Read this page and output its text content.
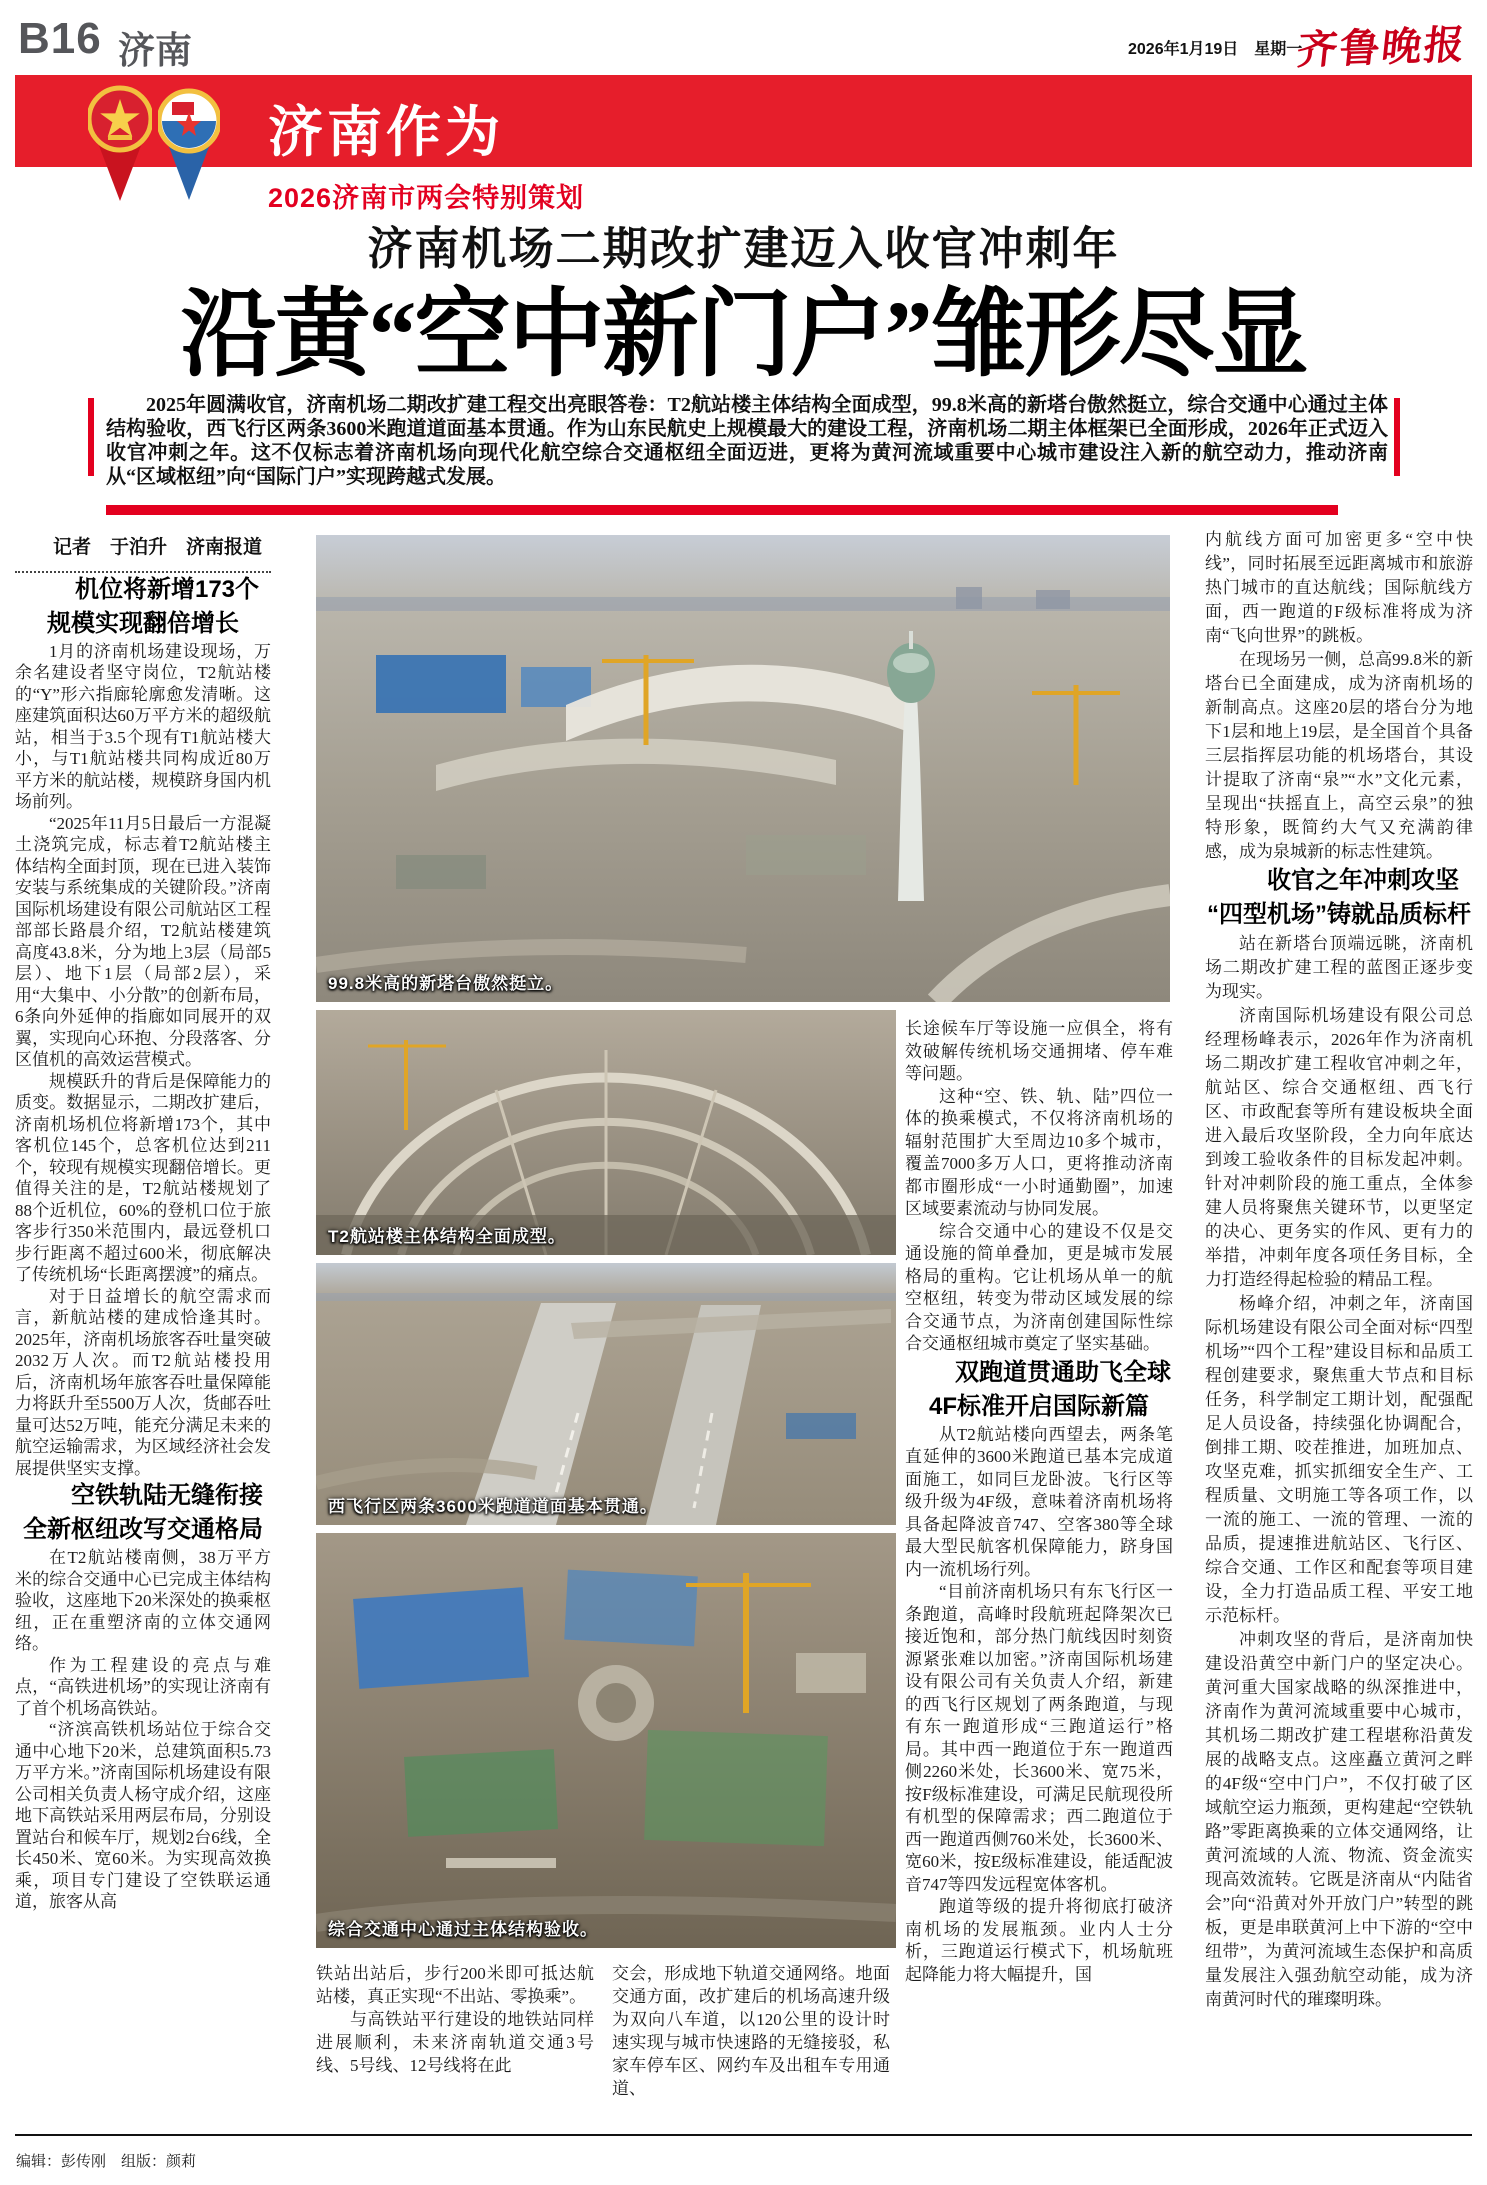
B16 济南	2026年1月19日　星期一
齐鲁晚报
济南作为
2026济南市两会特别策划
济南机场二期改扩建迈入收官冲刺年
沿黄“空中新门户”雏形尽显
2025年圆满收官，济南机场二期改扩建工程交出亮眼答卷：T2航站楼主体结构全面成型，99.8米高的新塔台傲然挺立，综合交通中心通过主体结构验收，西飞行区两条3600米跑道道面基本贯通。作为山东民航史上规模最大的建设工程，济南机场二期主体框架已全面形成，2026年正式迈入收官冲刺之年。这不仅标志着济南机场向现代化航空综合交通枢纽全面迈进，更将为黄河流域重要中心城市建设注入新的航空动力，推动济南从“区域枢纽”向“国际门户”实现跨越式发展。

记者　于泊升　济南报道

机位将新增173个
规模实现翻倍增长

1月的济南机场建设现场，万余名建设者坚守岗位，T2航站楼的“Y”形六指廊轮廓愈发清晰。这座建筑面积达60万平方米的超级航站，相当于3.5个现有T1航站楼大小，与T1航站楼共同构成近80万平方米的航站楼，规模跻身国内机场前列。

“2025年11月5日最后一方混凝土浇筑完成，标志着T2航站楼主体结构全面封顶，现在已进入装饰安装与系统集成的关键阶段。”济南国际机场建设有限公司航站区工程部部长路晨介绍，T2航站楼建筑高度43.8米，分为地上3层（局部5层）、地下1层（局部2层），采用“大集中、小分散”的创新布局，6条向外延伸的指廊如同展开的双翼，实现向心环抱、分段落客、分区值机的高效运营模式。

规模跃升的背后是保障能力的质变。数据显示，二期改扩建后，济南机场机位将新增173个，其中客机位145个，总客机位达到211个，较现有规模实现翻倍增长。更值得关注的是，T2航站楼规划了88个近机位，60%的登机口位于旅客步行350米范围内，最远登机口步行距离不超过600米，彻底解决了传统机场“长距离摆渡”的痛点。

对于日益增长的航空需求而言，新航站楼的建成恰逢其时。2025年，济南机场旅客吞吐量突破2032万人次。而T2航站楼投用后，济南机场年旅客吞吐量保障能力将跃升至5500万人次，货邮吞吐量可达52万吨，能充分满足未来的航空运输需求，为区域经济社会发展提供坚实支撑。

空铁轨陆无缝衔接
全新枢纽改写交通格局

在T2航站楼南侧，38万平方米的综合交通中心已完成主体结构验收，这座地下20米深处的换乘枢纽，正在重塑济南的立体交通网络。

作为工程建设的亮点与难点，“高铁进机场”的实现让济南有了首个机场高铁站。

“济滨高铁机场站位于综合交通中心地下20米，总建筑面积5.73万平方米。”济南国际机场建设有限公司相关负责人杨守成介绍，这座地下高铁站采用两层布局，分别设置站台和候车厅，规划2台6线，全长450米、宽60米。为实现高效换乘，项目专门建设了空铁联运通道，旅客从高

99.8米高的新塔台傲然挺立。
T2航站楼主体结构全面成型。
西飞行区两条3600米跑道道面基本贯通。
综合交通中心通过主体结构验收。

铁站出站后，步行200米即可抵达航站楼，真正实现“不出站、零换乘”。

与高铁站平行建设的地铁站同样进展顺利，未来济南轨道交通3号线、5号线、12号线将在此

交会，形成地下轨道交通网络。地面交通方面，改扩建后的机场高速升级为双向八车道，以120公里的设计时速实现与城市快速路的无缝接驳，私家车停车区、网约车及出租车专用通道、

长途候车厅等设施一应俱全，将有效破解传统机场交通拥堵、停车难等问题。

这种“空、铁、轨、陆”四位一体的换乘模式，不仅将济南机场的辐射范围扩大至周边10多个城市，覆盖7000多万人口，更将推动济南都市圈形成“一小时通勤圈”，加速区域要素流动与协同发展。

综合交通中心的建设不仅是交通设施的简单叠加，更是城市发展格局的重构。它让机场从单一的航空枢纽，转变为带动区域发展的综合交通节点，为济南创建国际性综合交通枢纽城市奠定了坚实基础。

双跑道贯通助飞全球
4F标准开启国际新篇

从T2航站楼向西望去，两条笔直延伸的3600米跑道已基本完成道面施工，如同巨龙卧波。飞行区等级升级为4F级，意味着济南机场将具备起降波音747、空客380等全球最大型民航客机保障能力，跻身国内一流机场行列。

“目前济南机场只有东飞行区一条跑道，高峰时段航班起降架次已接近饱和，部分热门航线因时刻资源紧张难以加密。”济南国际机场建设有限公司有关负责人介绍，新建的西飞行区规划了两条跑道，与现有东一跑道形成“三跑道运行”格局。其中西一跑道位于东一跑道西侧2260米处，长3600米、宽75米，按F级标准建设，可满足民航现役所有机型的保障需求；西二跑道位于西一跑道西侧760米处，长3600米、宽60米，按E级标准建设，能适配波音747等四发远程宽体客机。

跑道等级的提升将彻底打破济南机场的发展瓶颈。业内人士分析，三跑道运行模式下，机场航班起降能力将大幅提升，国

内航线方面可加密更多“空中快线”，同时拓展至远距离城市和旅游热门城市的直达航线；国际航线方面，西一跑道的F级标准将成为济南“飞向世界”的跳板。

在现场另一侧，总高99.8米的新塔台已全面建成，成为济南机场的新制高点。这座20层的塔台分为地下1层和地上19层，是全国首个具备三层指挥层功能的机场塔台，其设计提取了济南“泉”“水”文化元素，呈现出“扶摇直上，高空云泉”的独特形象，既简约大气又充满韵律感，成为泉城新的标志性建筑。

收官之年冲刺攻坚
“四型机场”铸就品质标杆

站在新塔台顶端远眺，济南机场二期改扩建工程的蓝图正逐步变为现实。

济南国际机场建设有限公司总经理杨峰表示，2026年作为济南机场二期改扩建工程收官冲刺之年，航站区、综合交通枢纽、西飞行区、市政配套等所有建设板块全面进入最后攻坚阶段，全力向年底达到竣工验收条件的目标发起冲刺。针对冲刺阶段的施工重点，全体参建人员将聚焦关键环节，以更坚定的决心、更务实的作风、更有力的举措，冲刺年度各项任务目标，全力打造经得起检验的精品工程。

杨峰介绍，冲刺之年，济南国际机场建设有限公司全面对标“四型机场”“四个工程”建设目标和品质工程创建要求，聚焦重大节点和目标任务，科学制定工期计划，配强配足人员设备，持续强化协调配合，倒排工期、咬茬推进，加班加点、攻坚克难，抓实抓细安全生产、工程质量、文明施工等各项工作，以一流的施工、一流的管理、一流的品质，提速推进航站区、飞行区、综合交通、工作区和配套等项目建设，全力打造品质工程、平安工地示范标杆。

冲刺攻坚的背后，是济南加快建设沿黄空中新门户的坚定决心。黄河重大国家战略的纵深推进中，济南作为黄河流域重要中心城市，其机场二期改扩建工程堪称沿黄发展的战略支点。这座矗立黄河之畔的4F级“空中门户”，不仅打破了区域航空运力瓶颈，更构建起“空铁轨路”零距离换乘的立体交通网络，让黄河流域的人流、物流、资金流实现高效流转。它既是济南从“内陆省会”向“沿黄对外开放门户”转型的跳板，更是串联黄河上中下游的“空中纽带”，为黄河流域生态保护和高质量发展注入强劲航空动能，成为济南黄河时代的璀璨明珠。

编辑：彭传刚　组版：颜莉
